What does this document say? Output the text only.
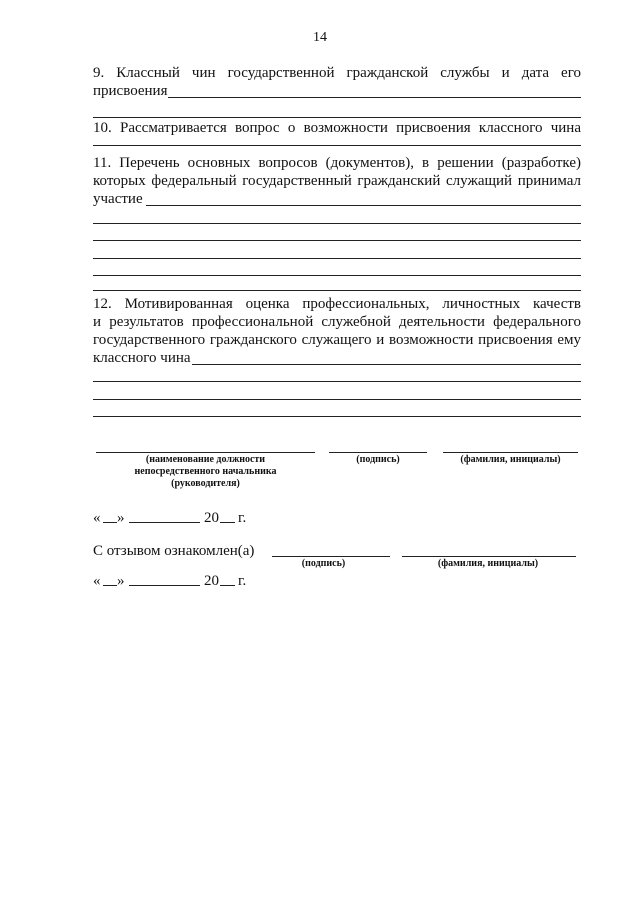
14
9. Классный чин государственной гражданской службы и дата его
присвоения
10. Рассматривается вопрос о возможности присвоения классного чина
11. Перечень основных вопросов (документов), в решении (разработке)
которых федеральный государственный гражданский служащий принимал
участие
12. Мотивированная оценка профессиональных, личностных качеств
и результатов профессиональной служебной деятельности федерального
государственного гражданского служащего и возможности присвоения ему
классного чина
(наименование должности
непосредственного начальника
(руководителя)
(подпись)	(фамилия, инициалы)
« »	20 г.
С отзывом ознакомлен(а)
(подпись)	(фамилия, инициалы)
« »	20 г.
